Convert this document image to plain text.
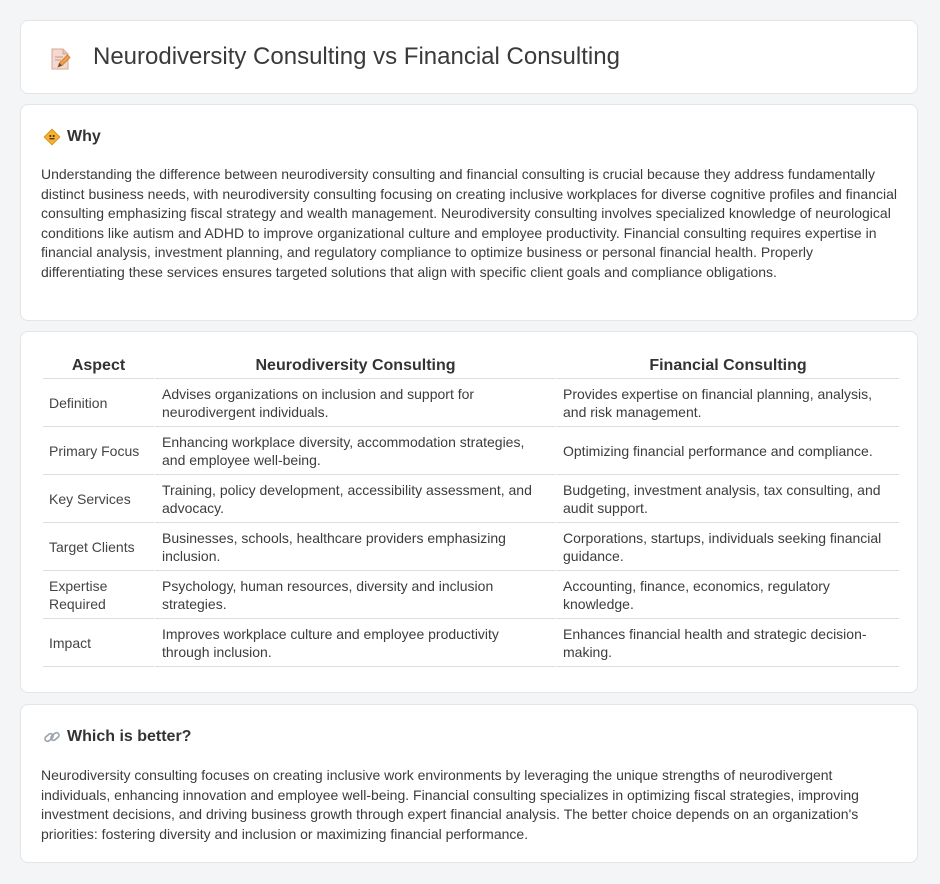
Neurodiversity Consulting vs Financial Consulting
Why

Understanding the difference between neurodiversity consulting and financial consulting is crucial because they address fundamentally distinct business needs, with neurodiversity consulting focusing on creating inclusive workplaces for diverse cognitive profiles and financial consulting emphasizing fiscal strategy and wealth management. Neurodiversity consulting involves specialized knowledge of neurological conditions like autism and ADHD to improve organizational culture and employee productivity. Financial consulting requires expertise in financial analysis, investment planning, and regulatory compliance to optimize business or personal financial health. Properly differentiating these services ensures targeted solutions that align with specific client goals and compliance obligations.

Aspect	Neurodiversity Consulting	Financial Consulting
Definition	Advises organizations on inclusion and support for neurodivergent individuals.	Provides expertise on financial planning, analysis, and risk management.
Primary Focus	Enhancing workplace diversity, accommodation strategies, and employee well-being.	Optimizing financial performance and compliance.
Key Services	Training, policy development, accessibility assessment, and advocacy.	Budgeting, investment analysis, tax consulting, and audit support.
Target Clients	Businesses, schools, healthcare providers emphasizing inclusion.	Corporations, startups, individuals seeking financial guidance.
Expertise Required	Psychology, human resources, diversity and inclusion strategies.	Accounting, finance, economics, regulatory knowledge.
Impact	Improves workplace culture and employee productivity through inclusion.	Enhances financial health and strategic decision-making.
Which is better?

Neurodiversity consulting focuses on creating inclusive work environments by leveraging the unique strengths of neurodivergent individuals, enhancing innovation and employee well-being. Financial consulting specializes in optimizing fiscal strategies, improving investment decisions, and driving business growth through expert financial analysis. The better choice depends on an organization's priorities: fostering diversity and inclusion or maximizing financial performance.
